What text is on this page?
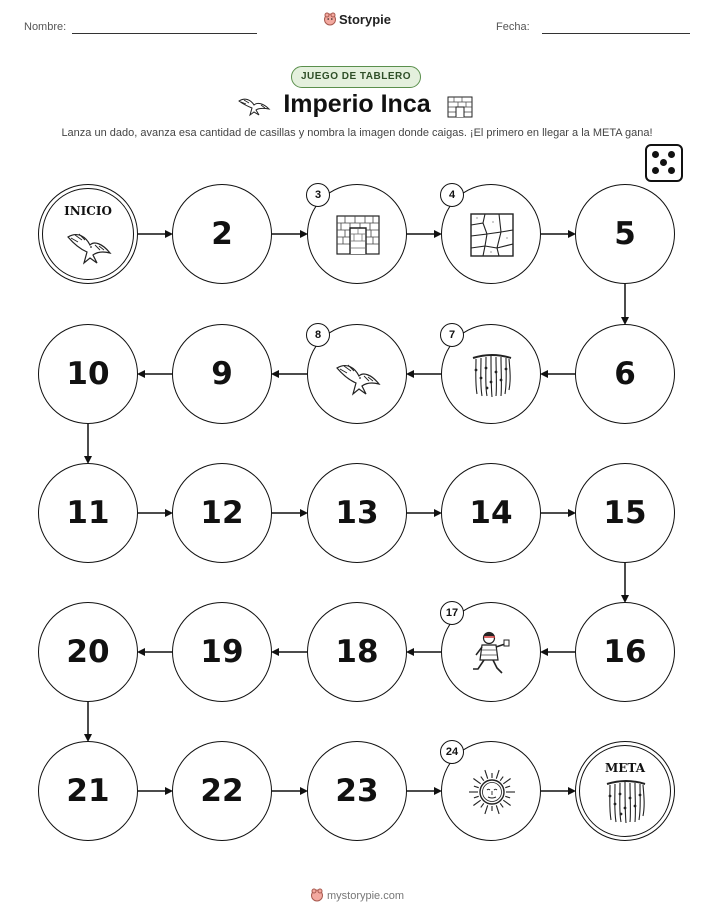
Nombre:	Storypie	Fecha:
JUEGO DE TABLERO
Imperio Inca
Lanza un dado, avanza esa cantidad de casillas y nombra la imagen donde caigas. ¡El primero en llegar a la META gana!
INICIO
2
3	4
5
6
7
8
9
10
11	12	13	14	15
16
17
18
19
20
21	22	23
24
META
mystorypie.com
